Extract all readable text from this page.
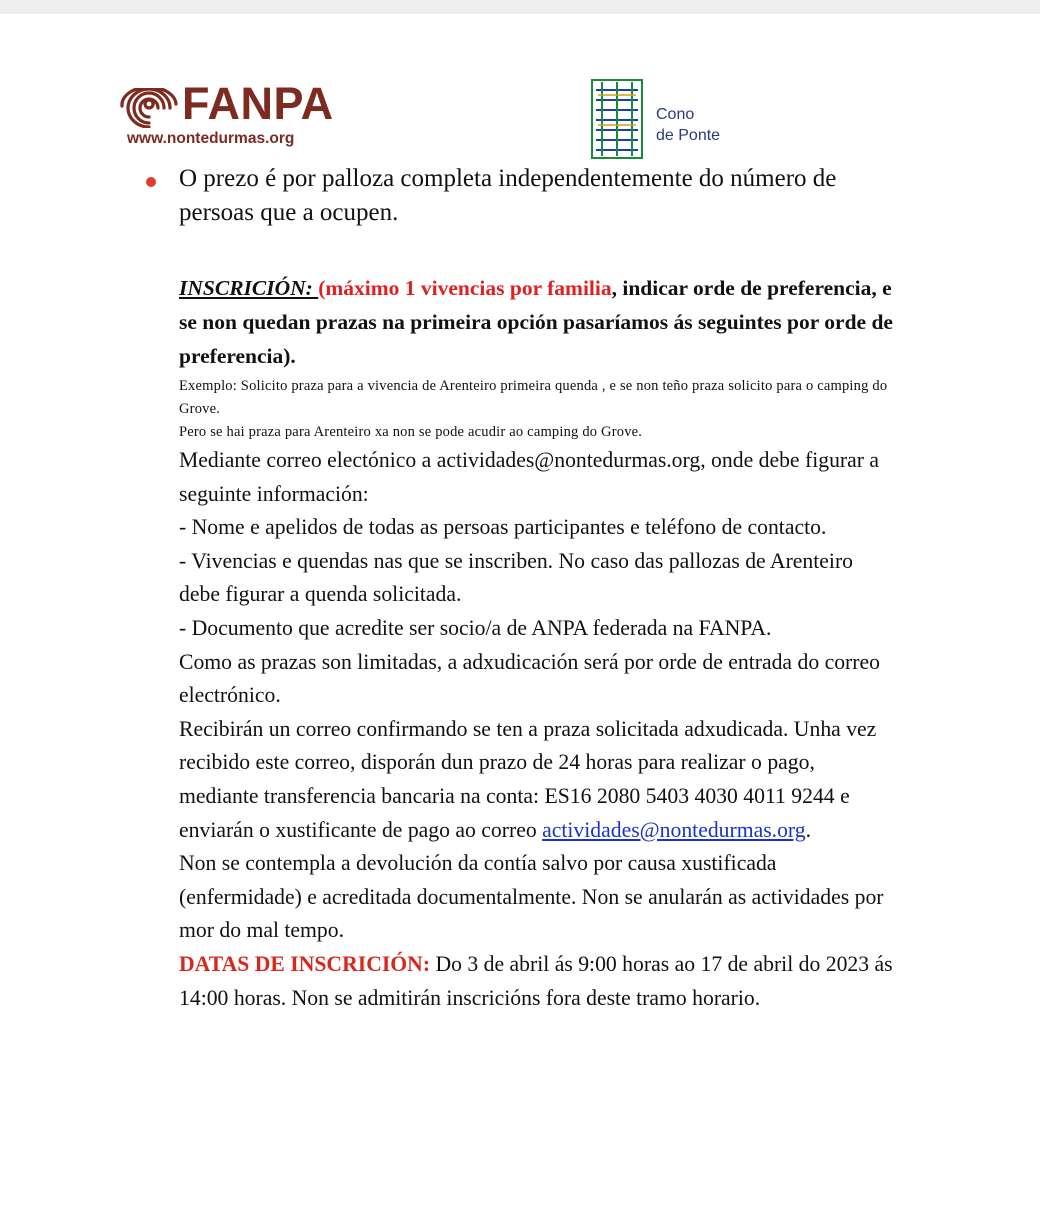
FANPA
www.nontedurmas.org
Cono
de Ponte
O prezo é por palloza completa independentemente do número de persoas que a ocupen.
INSCRICIÓN: (máximo 1 vivencias por familia, indicar orde de preferencia, e se non quedan prazas na primeira opción pasaríamos ás seguintes por orde de preferencia).
Exemplo: Solicito praza para a vivencia de Arenteiro primeira quenda , e se non teño praza solicito para o camping do Grove.
Pero se hai praza para Arenteiro xa non se pode acudir ao camping do Grove.

Mediante correo electónico a actividades@nontedurmas.org, onde debe figurar a seguinte información:

- Nome e apelidos de todas as persoas participantes e teléfono de contacto.

- Vivencias e quendas nas que se inscriben. No caso das pallozas de Arenteiro debe figurar a quenda solicitada.

- Documento que acredite ser socio/a de ANPA federada na FANPA.

Como as prazas son limitadas, a adxudicación será por orde de entrada do correo electrónico.

Recibirán un correo confirmando se ten a praza solicitada adxudicada. Unha vez recibido este correo, disporán dun prazo de 24 horas para realizar o pago, mediante transferencia bancaria na conta: ES16 2080 5403 4030 4011 9244 e enviarán o xustificante de pago ao correo actividades@nontedurmas.org.

Non se contempla a devolución da contía salvo por causa xustificada (enfermidade) e acreditada documentalmente. Non se anularán as actividades por mor do mal tempo.

DATAS DE INSCRICIÓN: Do 3 de abril ás 9:00 horas ao 17 de abril do 2023 ás 14:00 horas. Non se admitirán inscricións fora deste tramo horario.
